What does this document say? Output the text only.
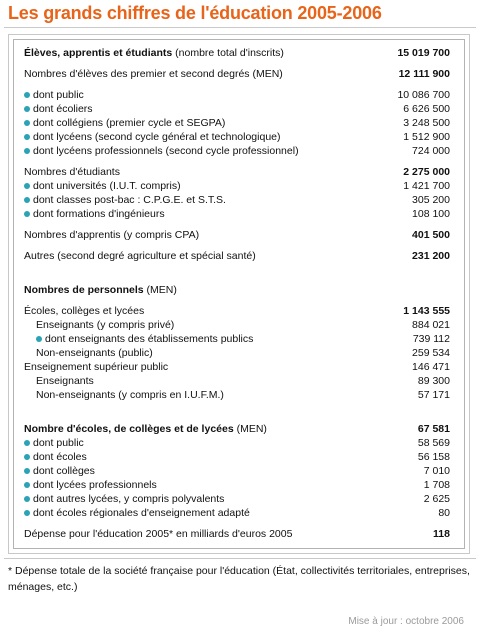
Les grands chiffres de l'éducation 2005-2006
Élèves, apprentis et étudiants (nombre total d'inscrits)	15 019 700
Nombres d'élèves des premier et second degrés (MEN)	12 111 900
dont public	10 086 700
dont écoliers	6 626 500
dont collégiens (premier cycle et SEGPA)	3 248 500
dont lycéens (second cycle général et technologique)	1 512 900
dont lycéens professionnels (second cycle professionnel)	724 000
Nombres d'étudiants	2 275 000
dont universités (I.U.T. compris)	1 421 700
dont classes post-bac : C.P.G.E. et S.T.S.	305 200
dont formations d'ingénieurs	108 100
Nombres d'apprentis (y compris CPA)	401 500
Autres (second degré agriculture et spécial santé)	231 200
Nombres de personnels (MEN)
Écoles, collèges et lycées	1 143 555
Enseignants (y compris privé)	884 021
dont enseignants des établissements publics	739 112
Non-enseignants (public)	259 534
Enseignement supérieur public	146 471
Enseignants	89 300
Non-enseignants (y compris en I.U.F.M.)	57 171
Nombre d'écoles, de collèges et de lycées (MEN)	67 581
dont public	58 569
dont écoles	56 158
dont collèges	7 010
dont lycées professionnels	1 708
dont autres lycées, y compris polyvalents	2 625
dont écoles régionales d'enseignement adapté	80
Dépense pour l'éducation 2005* en milliards d'euros 2005	118
* Dépense totale de la société française pour l'éducation (État, collectivités territoriales, entreprises, ménages, etc.)
Mise à jour : octobre 2006
